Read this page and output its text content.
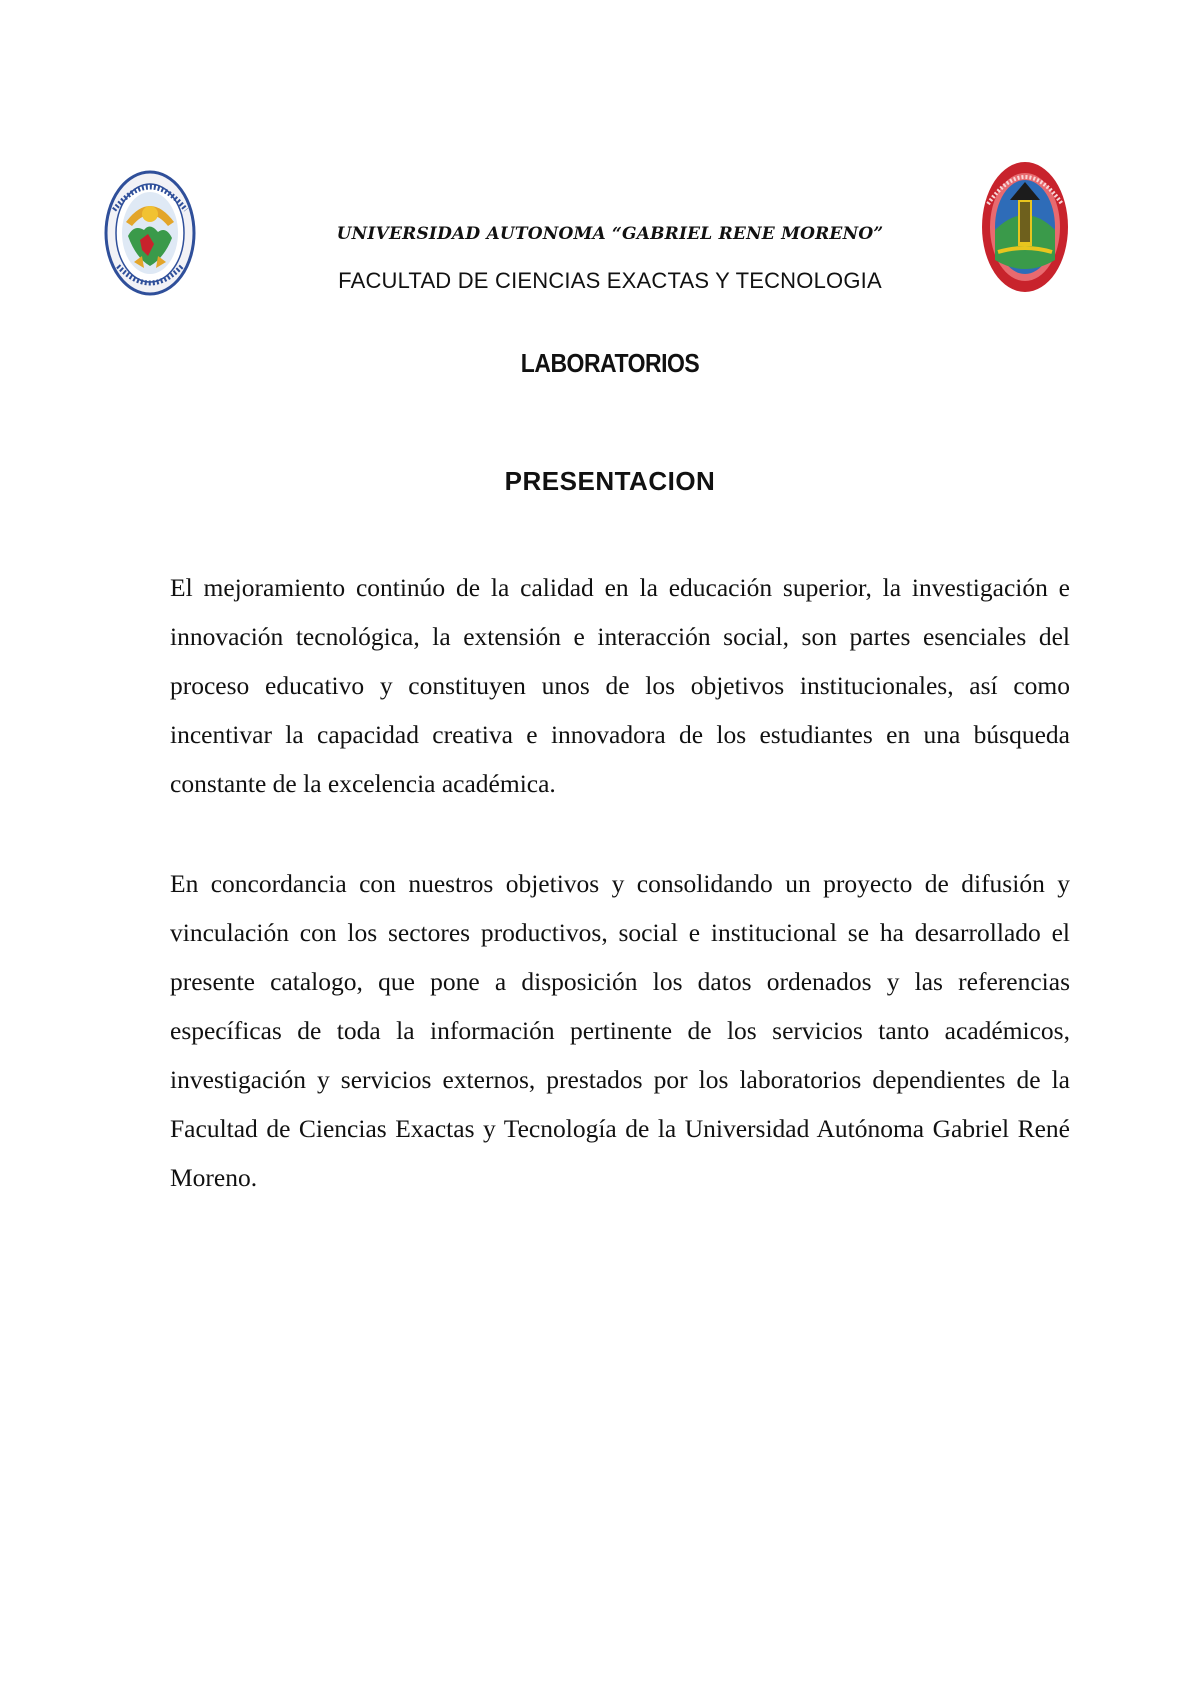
UNIVERSIDAD AUTONOMA “GABRIEL RENE MORENO”
FACULTAD DE CIENCIAS EXACTAS Y TECNOLOGIA
LABORATORIOS
PRESENTACION

El mejoramiento continúo de la calidad en la educación superior, la investigación e innovación tecnológica, la extensión e interacción social, son partes esenciales del proceso educativo y constituyen unos de los objetivos institucionales, así como incentivar la capacidad creativa e innovadora de los estudiantes en una búsqueda constante de la excelencia académica.

En concordancia con nuestros objetivos y consolidando un proyecto de difusión y vinculación con los sectores productivos, social e institucional se ha desarrollado el presente catalogo, que pone a disposición los datos ordenados y las referencias específicas de toda la información pertinente de los servicios tanto académicos, investigación y servicios externos, prestados por los laboratorios dependientes de la Facultad de Ciencias Exactas y Tecnología de la Universidad Autónoma Gabriel René Moreno.
